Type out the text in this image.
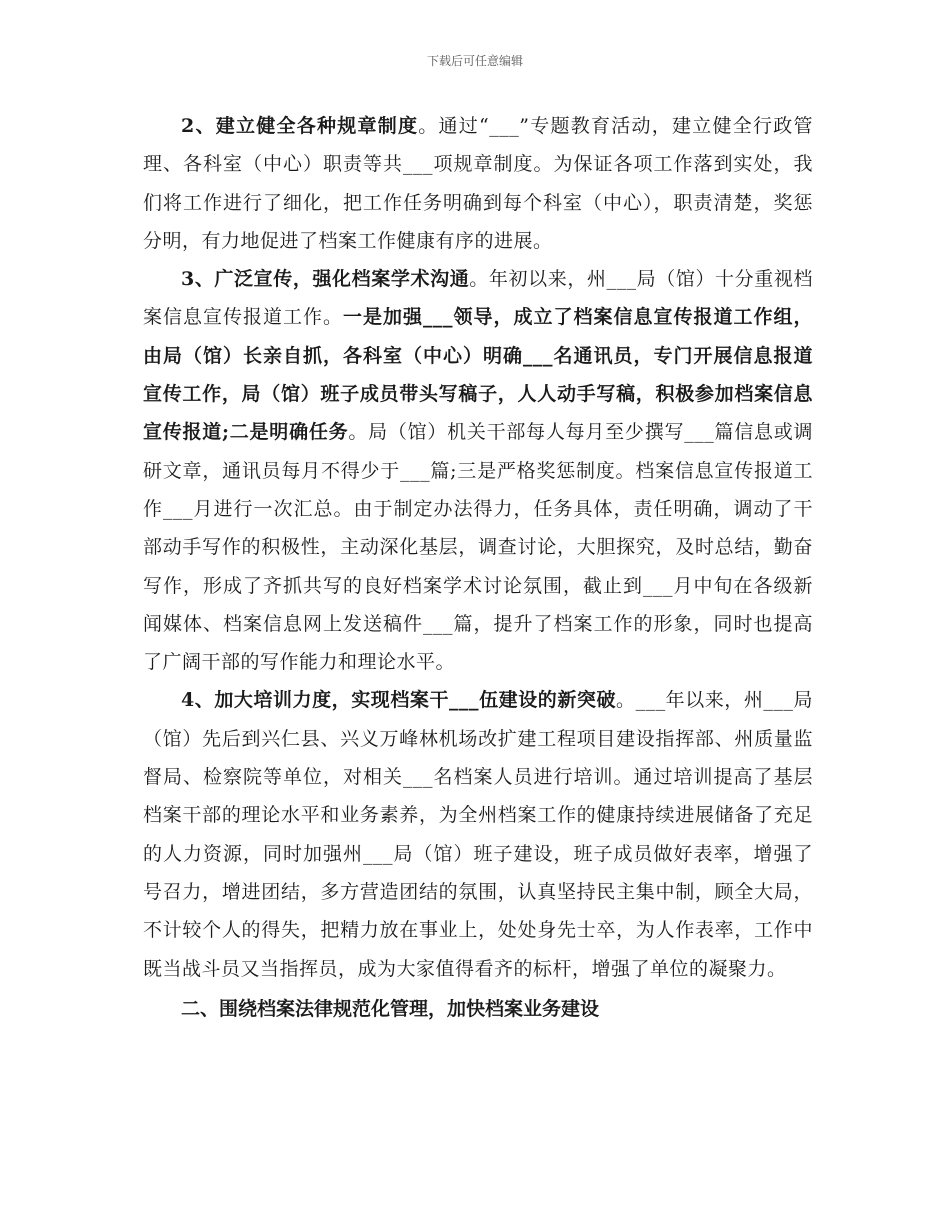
下载后可任意编辑

2、建立健全各种规章制度。通过“___”专题教育活动，建立健全行政管理、各科室（中心）职责等共___项规章制度。为保证各项工作落到实处，我们将工作进行了细化，把工作任务明确到每个科室（中心），职责清楚，奖惩分明，有力地促进了档案工作健康有序的进展。

3、广泛宣传，强化档案学术沟通。年初以来，州___局（馆）十分重视档案信息宣传报道工作。一是加强___领导，成立了档案信息宣传报道工作组，由局（馆）长亲自抓，各科室（中心）明确___名通讯员，专门开展信息报道宣传工作，局（馆）班子成员带头写稿子，人人动手写稿，积极参加档案信息宣传报道;二是明确任务。局（馆）机关干部每人每月至少撰写___篇信息或调研文章，通讯员每月不得少于___篇;三是严格奖惩制度。档案信息宣传报道工作___月进行一次汇总。由于制定办法得力，任务具体，责任明确，调动了干部动手写作的积极性，主动深化基层，调查讨论，大胆探究，及时总结，勤奋写作，形成了齐抓共写的良好档案学术讨论氛围，截止到___月中旬在各级新闻媒体、档案信息网上发送稿件___篇，提升了档案工作的形象，同时也提高了广阔干部的写作能力和理论水平。

4、加大培训力度，实现档案干___伍建设的新突破。___年以来，州___局（馆）先后到兴仁县、兴义万峰林机场改扩建工程项目建设指挥部、州质量监督局、检察院等单位，对相关___名档案人员进行培训。通过培训提高了基层档案干部的理论水平和业务素养，为全州档案工作的健康持续进展储备了充足的人力资源，同时加强州___局（馆）班子建设，班子成员做好表率，增强了号召力，增进团结，多方营造团结的氛围，认真坚持民主集中制，顾全大局，不计较个人的得失，把精力放在事业上，处处身先士卒，为人作表率，工作中既当战斗员又当指挥员，成为大家值得看齐的标杆，增强了单位的凝聚力。

二、围绕档案法律规范化管理，加快档案业务建设
